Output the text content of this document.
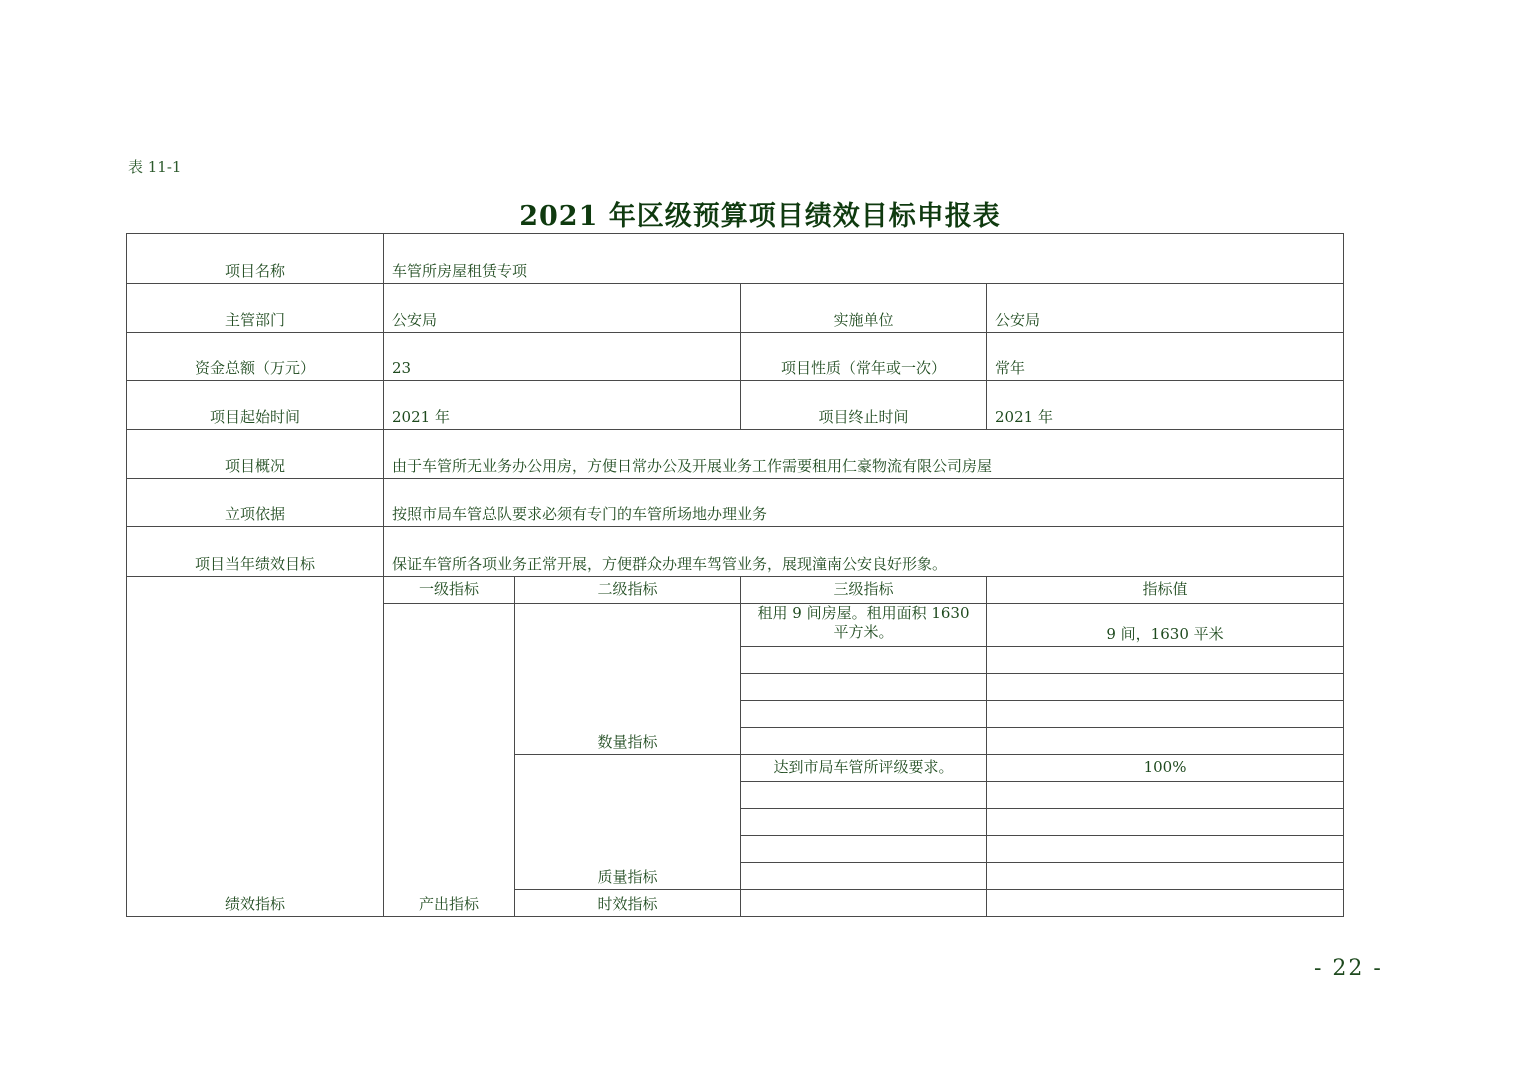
表 11-1
2021 年区级预算项目绩效目标申报表
项目名称	车管所房屋租赁专项			
主管部门	公安局		实施单位	公安局
资金总额（万元）	23		项目性质（常年或一次）	常年
项目起始时间	2021 年		项目终止时间	2021 年
项目概况	由于车管所无业务办公用房，方便日常办公及开展业务工作需要租用仁豪物流有限公司房屋			
立项依据	按照市局车管总队要求必须有专门的车管所场地办理业务			
项目当年绩效目标	保证车管所各项业务正常开展，方便群众办理车驾管业务，展现潼南公安良好形象。			
绩效指标	一级指标	二级指标	三级指标	指标值
	产出指标	数量指标	租用 9 间房屋。租用面积 1630 平方米。	9 间，1630 平米

		质量指标	达到市局车管所评级要求。	100%

		时效指标		
- 22 -
